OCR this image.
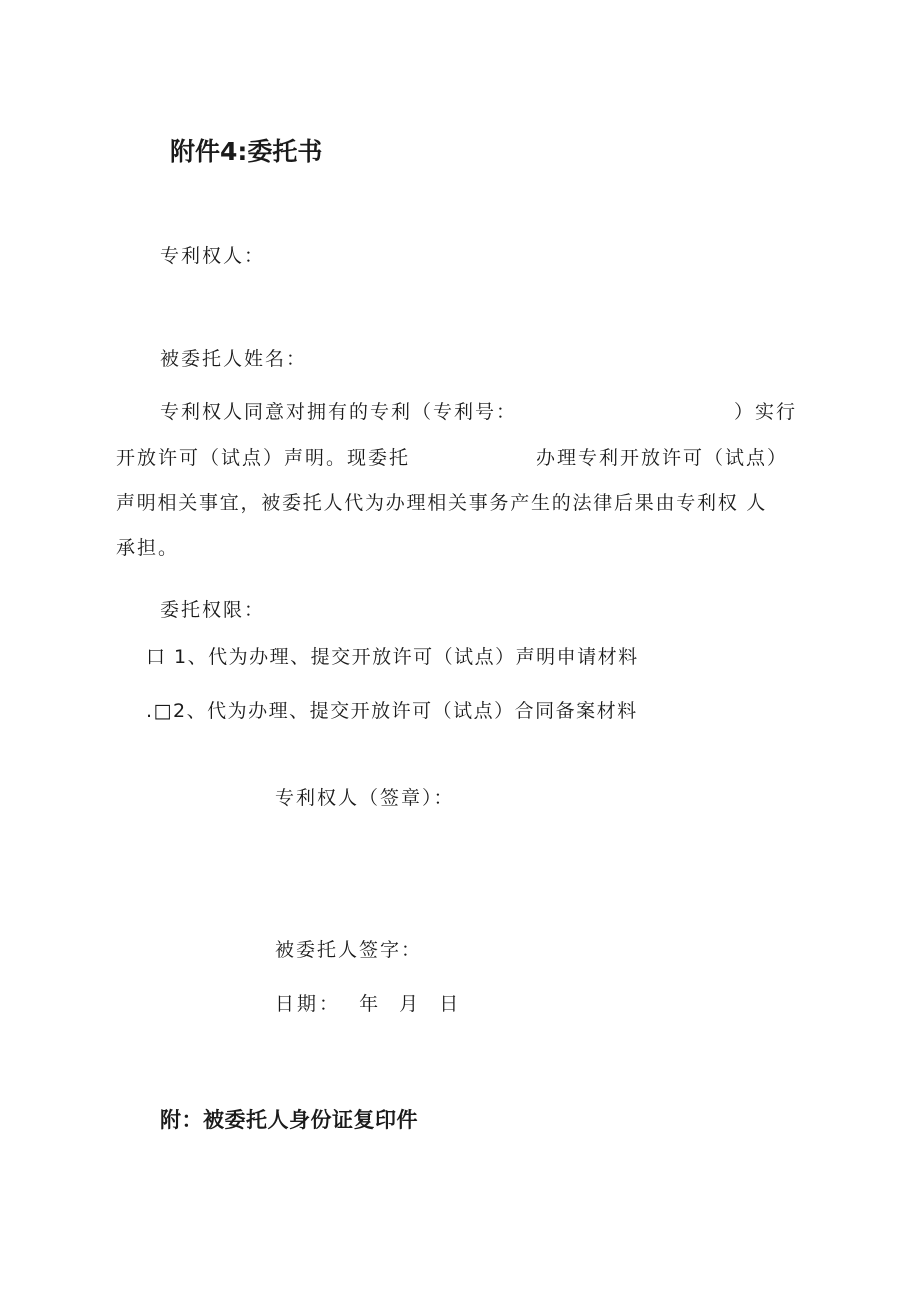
附件4:委托书
专利权人：
被委托人姓名：
专利权人同意对拥有的专利（专利号：	）实行
开放许可（试点）声明。现委托	办理专利开放许可（试点）
声明相关事宜，被委托人代为办理相关事务产生的法律后果由专利权 人
承担。
委托权限：
口 1、代为办理、提交开放许可（试点）声明申请材料
.□2、代为办理、提交开放许可（试点）合同备案材料
专利权人（签章）：
被委托人签字：
日期：  年  月  日
附：被委托人身份证复印件
